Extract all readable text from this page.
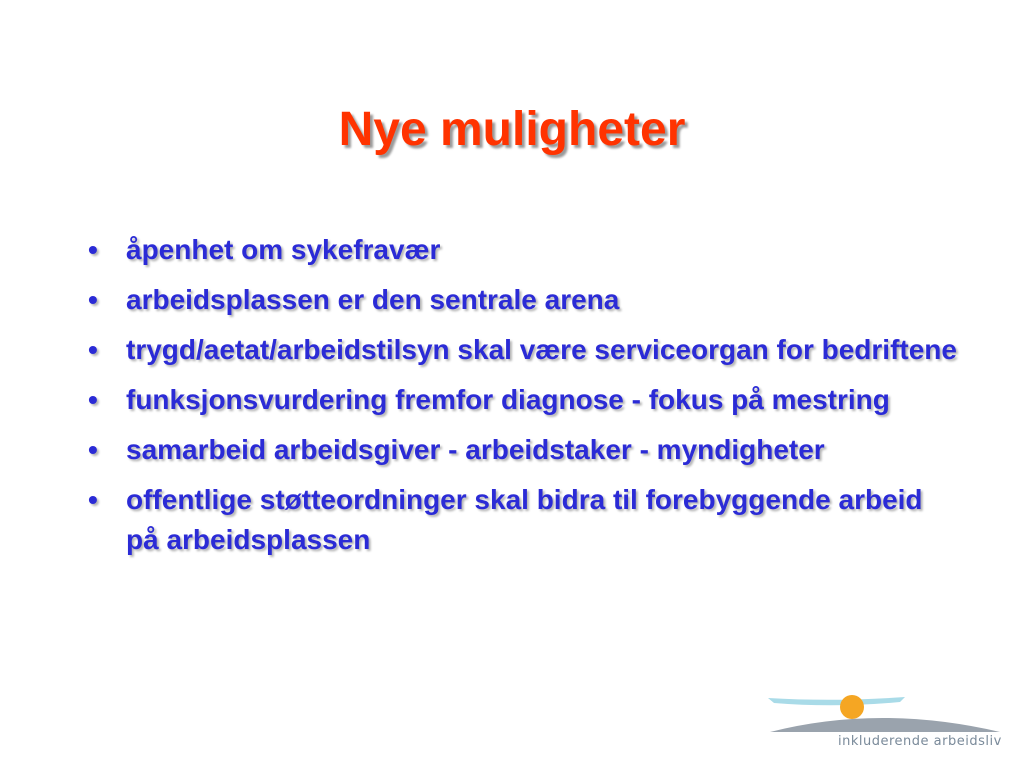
Nye muligheter
• åpenhet om sykefravær
• arbeidsplassen er den sentrale arena
• trygd/aetat/arbeidstilsyn skal være serviceorgan for bedriftene
• funksjonsvurdering fremfor diagnose - fokus på mestring
• samarbeid arbeidsgiver - arbeidstaker - myndigheter
• offentlige støtteordninger skal bidra til forebyggende arbeid på arbeidsplassen
inkluderende arbeidsliv
